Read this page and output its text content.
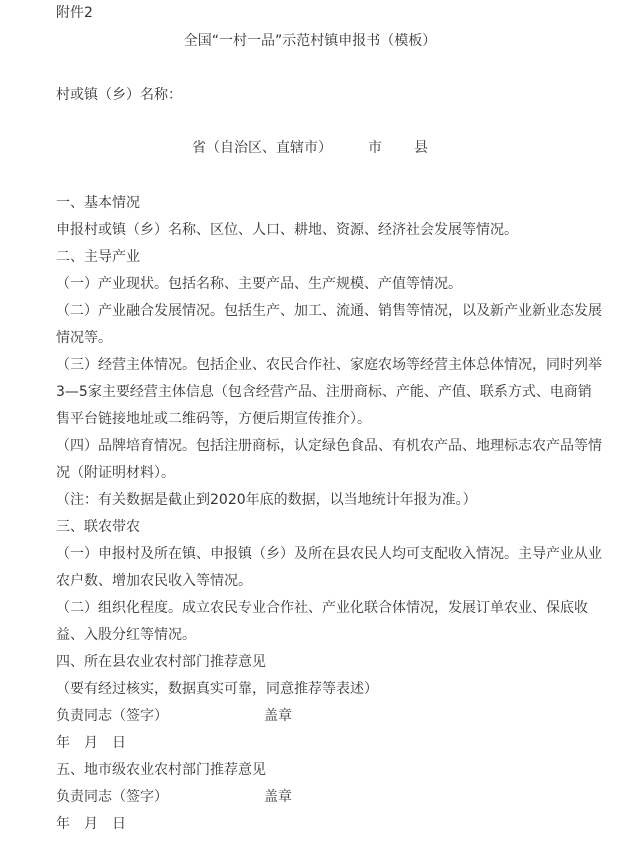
附件2
全国“一村一品”示范村镇申报书（模板）
村或镇（乡）名称：
省（自治区、直辖市）	市 县
一、基本情况
申报村或镇（乡）名称、区位、人口、耕地、资源、经济社会发展等情况。
二、主导产业
（一）产业现状。包括名称、主要产品、生产规模、产值等情况。
（二）产业融合发展情况。包括生产、加工、流通、销售等情况，以及新产业新业态发展情况等。
（三）经营主体情况。包括企业、农民合作社、家庭农场等经营主体总体情况，同时列举3—5家主要经营主体信息（包含经营产品、注册商标、产能、产值、联系方式、电商销售平台链接地址或二维码等，方便后期宣传推介）。
（四）品牌培育情况。包括注册商标，认定绿色食品、有机农产品、地理标志农产品等情况（附证明材料）。
（注：有关数据是截止到2020年底的数据，以当地统计年报为准。）
三、联农带农
（一）申报村及所在镇、申报镇（乡）及所在县农民人均可支配收入情况。主导产业从业农户数、增加农民收入等情况。
（二）组织化程度。成立农民专业合作社、产业化联合体情况，发展订单农业、保底收益、入股分红等情况。
四、所在县农业农村部门推荐意见
（要有经过核实，数据真实可靠，同意推荐等表述）
负责同志（签字）	盖章
年 月 日
五、地市级农业农村部门推荐意见
负责同志（签字）	盖章
年 月 日
